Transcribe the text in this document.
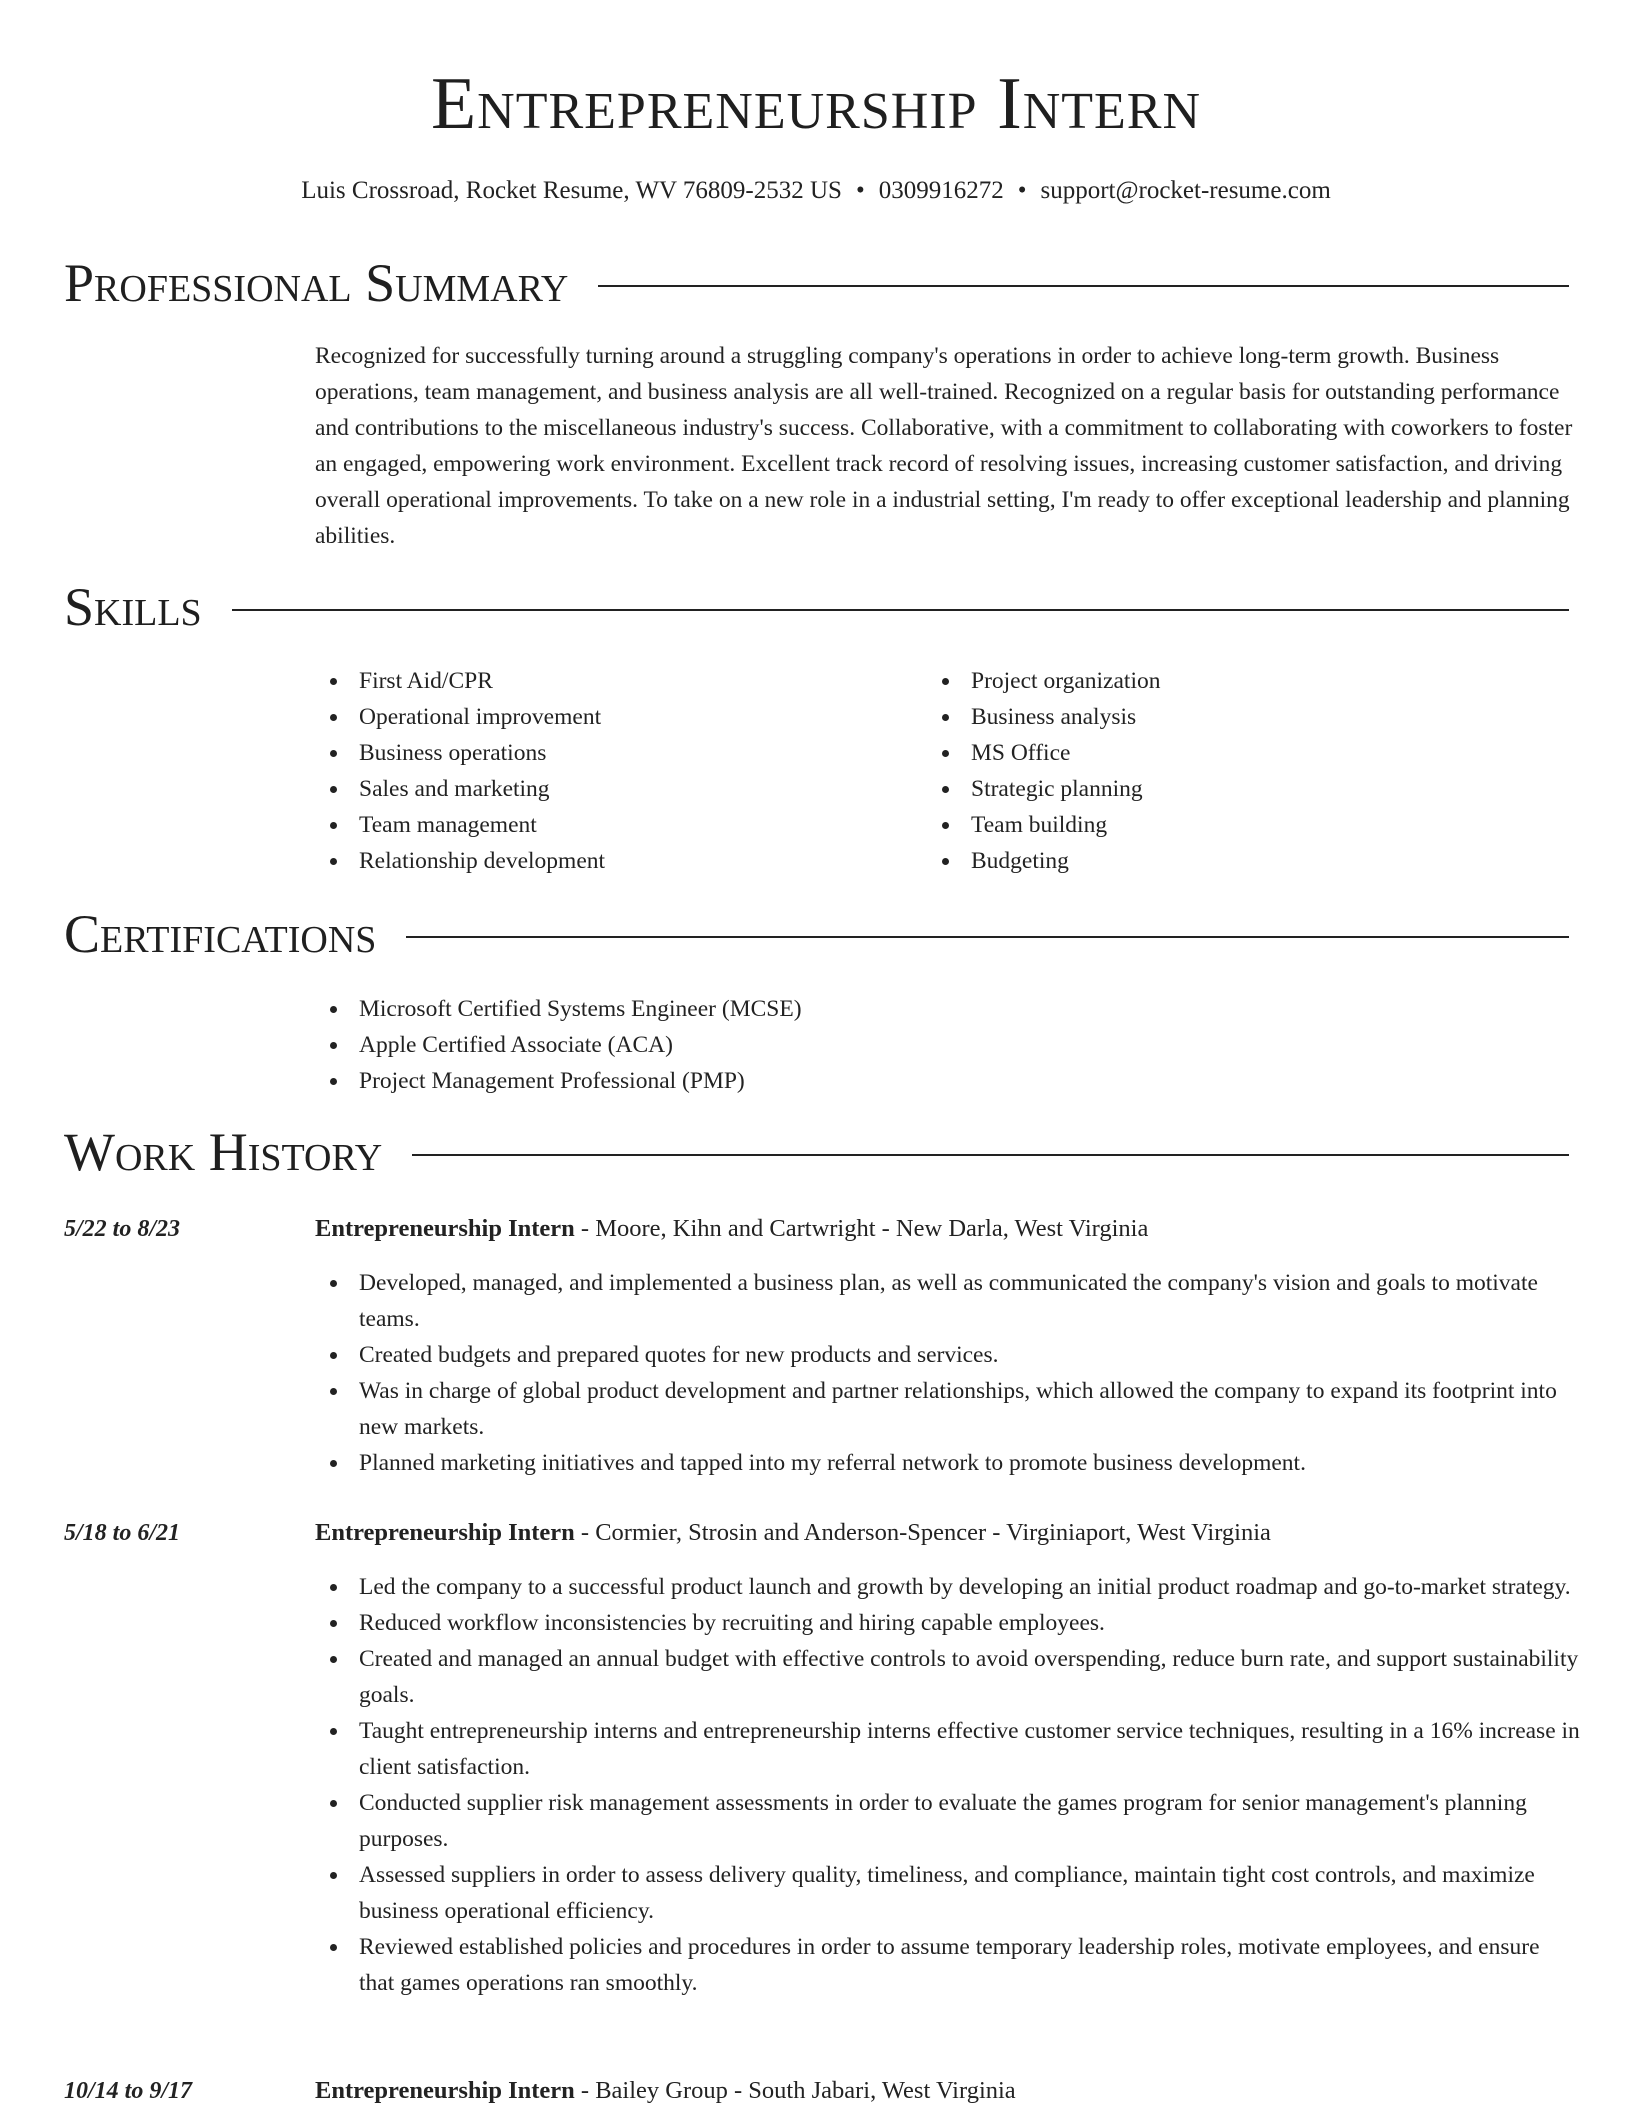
Entrepreneurship Intern
Luis Crossroad, Rocket Resume, WV 76809-2532 US • 0309916272 • support@rocket-resume.com
Professional Summary
Recognized for successfully turning around a struggling company's operations in order to achieve long-term growth. Business operations, team management, and business analysis are all well-trained. Recognized on a regular basis for outstanding performance and contributions to the miscellaneous industry's success. Collaborative, with a commitment to collaborating with coworkers to foster an engaged, empowering work environment. Excellent track record of resolving issues, increasing customer satisfaction, and driving overall operational improvements. To take on a new role in a industrial setting, I'm ready to offer exceptional leadership and planning abilities.
Skills
First Aid/CPR
Operational improvement
Business operations
Sales and marketing
Team management
Relationship development
Project organization
Business analysis
MS Office
Strategic planning
Team building
Budgeting
Certifications
Microsoft Certified Systems Engineer (MCSE)
Apple Certified Associate (ACA)
Project Management Professional (PMP)
Work History
5/22 to 8/23	Entrepreneurship Intern - Moore, Kihn and Cartwright - New Darla, West Virginia
Developed, managed, and implemented a business plan, as well as communicated the company's vision and goals to motivate teams.
Created budgets and prepared quotes for new products and services.
Was in charge of global product development and partner relationships, which allowed the company to expand its footprint into new markets.
Planned marketing initiatives and tapped into my referral network to promote business development.
5/18 to 6/21	Entrepreneurship Intern - Cormier, Strosin and Anderson-Spencer - Virginiaport, West Virginia
Led the company to a successful product launch and growth by developing an initial product roadmap and go-to-market strategy.
Reduced workflow inconsistencies by recruiting and hiring capable employees.
Created and managed an annual budget with effective controls to avoid overspending, reduce burn rate, and support sustainability goals.
Taught entrepreneurship interns and entrepreneurship interns effective customer service techniques, resulting in a 16% increase in client satisfaction.
Conducted supplier risk management assessments in order to evaluate the games program for senior management's planning purposes.
Assessed suppliers in order to assess delivery quality, timeliness, and compliance, maintain tight cost controls, and maximize business operational efficiency.
Reviewed established policies and procedures in order to assume temporary leadership roles, motivate employees, and ensure that games operations ran smoothly.
10/14 to 9/17	Entrepreneurship Intern - Bailey Group - South Jabari, West Virginia
